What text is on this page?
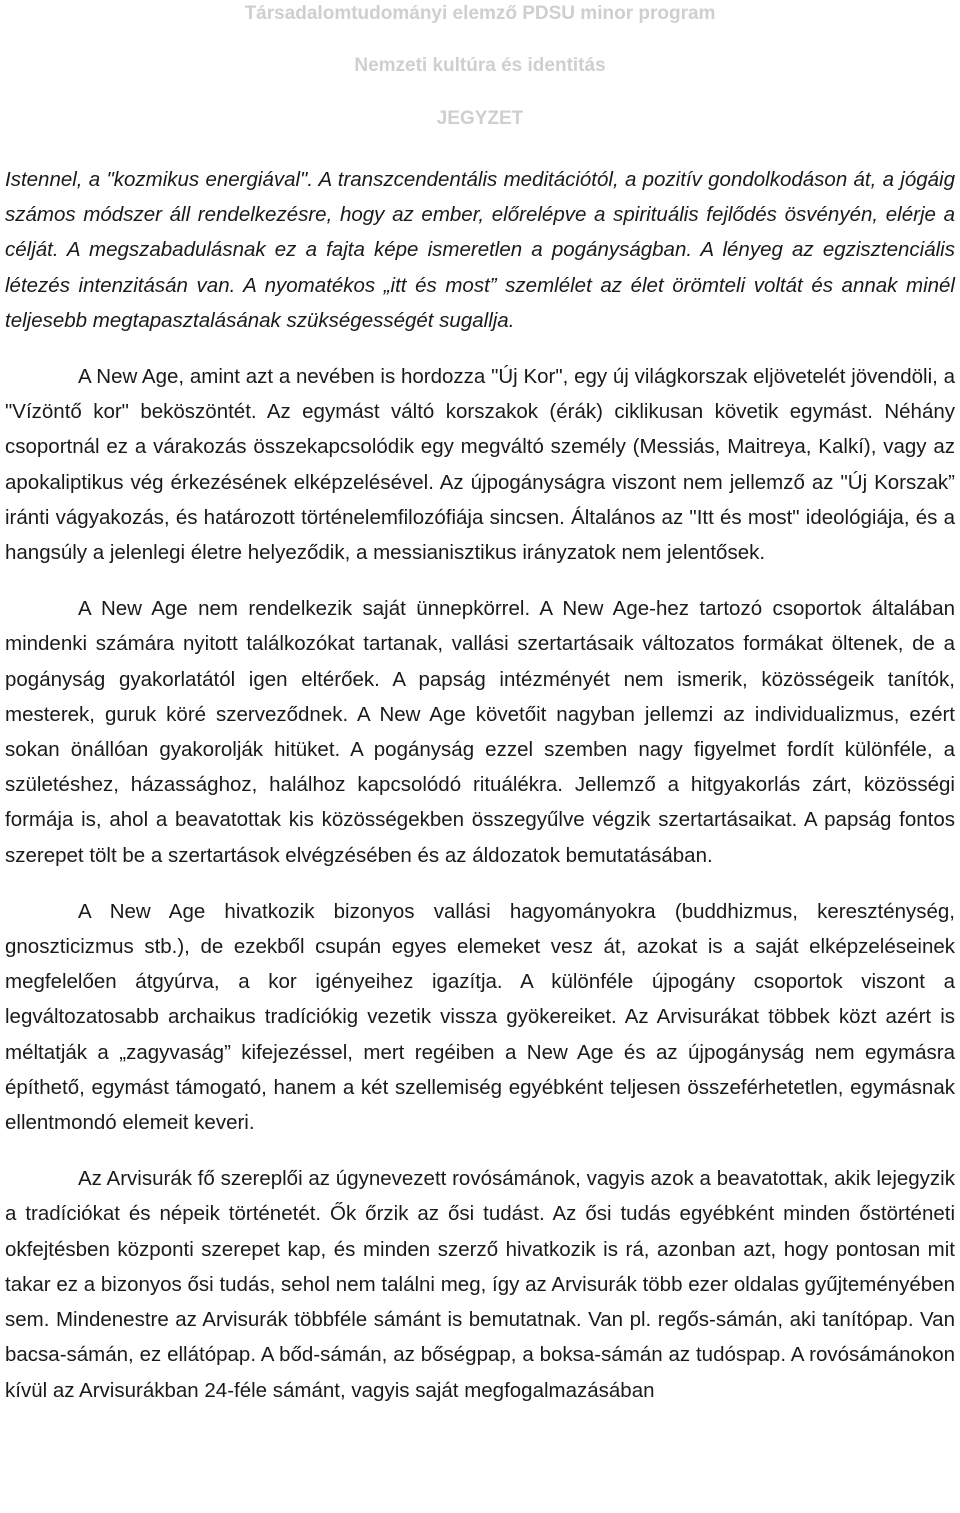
Társadalomtudományi elemző PDSU minor program
Nemzeti kultúra és identitás
JEGYZET

Istennel, a "kozmikus energiával". A transzcendentális meditációtól, a pozitív gondolkodáson át, a jógáig számos módszer áll rendelkezésre, hogy az ember, előrelépve a spirituális fejlődés ösvényén, elérje a célját. A megszabadulásnak ez a fajta képe ismeretlen a pogányságban. A lényeg az egzisztenciális létezés intenzitásán van. A nyomatékos „itt és most” szemlélet az élet örömteli voltát és annak minél teljesebb megtapasztalásának szükségességét sugallja.

A New Age, amint azt a nevében is hordozza "Új Kor", egy új világkorszak eljövetelét jövendöli, a "Vízöntő kor" beköszöntét. Az egymást váltó korszakok (érák) ciklikusan követik egymást. Néhány csoportnál ez a várakozás összekapcsolódik egy megváltó személy (Messiás, Maitreya, Kalkí), vagy az apokaliptikus vég érkezésének elképzelésével. Az újpogányságra viszont nem jellemző az "Új Korszak” iránti vágyakozás, és határozott történelemfilozófiája sincsen. Általános az "Itt és most" ideológiája, és a hangsúly a jelenlegi életre helyeződik, a messianisztikus irányzatok nem jelentősek.

A New Age nem rendelkezik saját ünnepkörrel. A New Age-hez tartozó csoportok általában mindenki számára nyitott találkozókat tartanak, vallási szertartásaik változatos formákat öltenek, de a pogányság gyakorlatától igen eltérőek. A papság intézményét nem ismerik, közösségeik tanítók, mesterek, guruk köré szerveződnek. A New Age követőit nagyban jellemzi az individualizmus, ezért sokan önállóan gyakorolják hitüket. A pogányság ezzel szemben nagy figyelmet fordít különféle, a születéshez, házassághoz, halálhoz kapcsolódó rituálékra. Jellemző a hitgyakorlás zárt, közösségi formája is, ahol a beavatottak kis közösségekben összegyűlve végzik szertartásaikat. A papság fontos szerepet tölt be a szertartások elvégzésében és az áldozatok bemutatásában.

A New Age hivatkozik bizonyos vallási hagyományokra (buddhizmus, kereszténység, gnoszticizmus stb.), de ezekből csupán egyes elemeket vesz át, azokat is a saját elképzeléseinek megfelelően átgyúrva, a kor igényeihez igazítja. A különféle újpogány csoportok viszont a legváltozatosabb archaikus tradíciókig vezetik vissza gyökereiket. Az Arvisurákat többek közt azért is méltatják a „zagyvaság” kifejezéssel, mert regéiben a New Age és az újpogányság nem egymásra építhető, egymást támogató, hanem a két szellemiség egyébként teljesen összeférhetetlen, egymásnak ellentmondó elemeit keveri.

Az Arvisurák fő szereplői az úgynevezett rovósámánok, vagyis azok a beavatottak, akik lejegyzik a tradíciókat és népeik történetét. Ők őrzik az ősi tudást. Az ősi tudás egyébként minden őstörténeti okfejtésben központi szerepet kap, és minden szerző hivatkozik is rá, azonban azt, hogy pontosan mit takar ez a bizonyos ősi tudás, sehol nem találni meg, így az Arvisurák több ezer oldalas gyűjteményében sem. Mindenestre az Arvisurák többféle sámánt is bemutatnak. Van pl. regős-sámán, aki tanítópap. Van bacsa-sámán, ez ellátópap. A bőd-sámán, az bőségpap, a boksa-sámán az tudóspap. A rovósámánokon kívül az Arvisurákban 24-féle sámánt, vagyis saját megfogalmazásában
